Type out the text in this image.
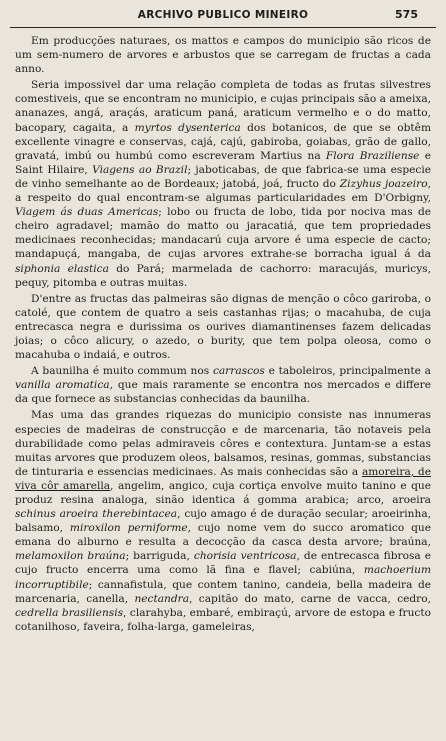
ARCHIVO PUBLICO MINEIRO	575

Em producções naturaes, os mattos e campos do municipio são ricos de um sem-numero de arvores e arbustos que se carregam de fructas a cada anno.

Seria impossivel dar uma relação completa de todas as frutas silvestres comestiveis, que se encontram no municipio, e cujas principais são a ameixa, ananazes, angá, araçás, araticum paná, araticum vermelho e o do matto, bacopary, cagaita, a myrtos dysenterica dos botanicos, de que se obtêm excellente vinagre e conservas, cajá, cajú, gabiroba, goiabas, grão de gallo, gravatá, imbú ou humbú como escreveram Martius na Flora Braziliense e Saint Hilaire, Viagens ao Brazil; jaboticabas, de que fabrica-se uma especie de vinho semelhante ao de Bordeaux; jatobá, joá, fructo do Zizyhus joazeiro, a respeito do qual encontram-se algumas particularidades em D'Orbigny, Viagem ás duas Americas; lobo ou fructa de lobo, tida por nociva mas de cheiro agradavel; mamão do matto ou jaracatiá, que tem propriedades medicinaes reconhecidas; mandacarú cuja arvore é uma especie de cacto; mandapuçá, mangaba, de cujas arvores extrahe-se borracha igual á da siphonia elastica do Pará; marmelada de cachorro: maracujás, muricys, pequy, pitomba e outras muitas.

D'entre as fructas das palmeiras são dignas de menção o côco gariroba, o catolé, que contem de quatro a seis castanhas rijas; o macahuba, de cuja entrecasca negra e durissima os ourives diamantinenses fazem delicadas joias; o côco alicury, o azedo, o burity, que tem polpa oleosa, como o macahuba o indaiá, e outros.

A baunilha é muito commum nos carrascos e taboleiros, principalmente a vanilla aromatica, que mais raramente se encontra nos mercados e differe da que fornece as substancias conhecidas da baunilha.

Mas uma das grandes riquezas do municipio consiste nas innumeras especies de madeiras de construcção e de marcenaria, tão notaveis pela durabilidade como pelas admiraveis côres e contextura. Juntam-se a estas muitas arvores que produzem oleos, balsamos, resinas, gommas, substancias de tinturaria e essencias medicinaes. As mais conhecidas são a amoreira, de viva côr amarella, angelim, angico, cuja cortiça envolve muito tanino e que produz resina analoga, sinão identica á gomma arabica; arco, aroeira schinus aroeira therebintacea, cujo amago é de duração secular; aroeirinha, balsamo, miroxilon perniforme, cujo nome vem do succo aromatico que emana do alburno e resulta a decocção da casca desta arvore; braúna, melamoxilon braúna; barriguda, chorisia ventricosa, de entrecasca fibrosa e cujo fructo encerra uma como lã fina e flavel; cabiúna, machoerium incorruptibile; cannafistula, que contem tanino, candeia, bella madeira de marcenaria, canella, nectandra, capitão do mato, carne de vacca, cedro, cedrella brasiliensis, clarahyba, embaré, embiraçú, arvore de estopa e fructo cotanilhoso, faveira, folha-larga, gameleiras,
